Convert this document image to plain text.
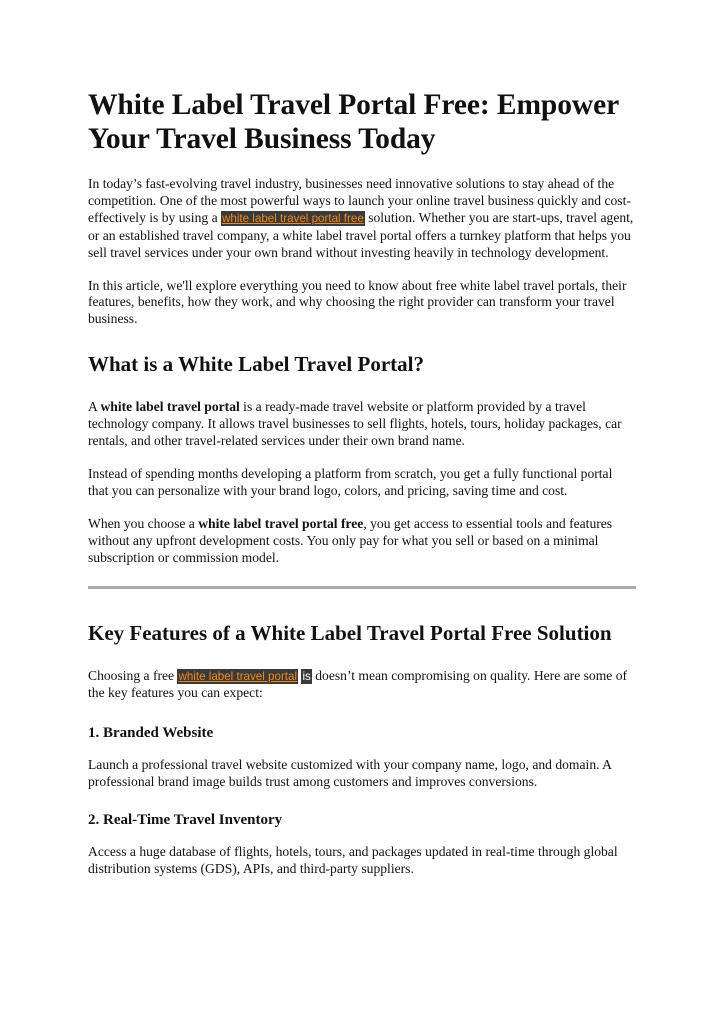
White Label Travel Portal Free: Empower Your Travel Business Today

In today’s fast-evolving travel industry, businesses need innovative solutions to stay ahead of the competition. One of the most powerful ways to launch your online travel business quickly and cost-effectively is by using a white label travel portal free solution. Whether you are start-ups, travel agent, or an established travel company, a white label travel portal offers a turnkey platform that helps you sell travel services under your own brand without investing heavily in technology development.

In this article, we'll explore everything you need to know about free white label travel portals, their features, benefits, how they work, and why choosing the right provider can transform your travel business.

What is a White Label Travel Portal?

A white label travel portal is a ready-made travel website or platform provided by a travel technology company. It allows travel businesses to sell flights, hotels, tours, holiday packages, car rentals, and other travel-related services under their own brand name.

Instead of spending months developing a platform from scratch, you get a fully functional portal that you can personalize with your brand logo, colors, and pricing, saving time and cost.

When you choose a white label travel portal free, you get access to essential tools and features without any upfront development costs. You only pay for what you sell or based on a minimal subscription or commission model.

Key Features of a White Label Travel Portal Free Solution

Choosing a free white label travel portal is doesn’t mean compromising on quality. Here are some of the key features you can expect:

1. Branded Website

Launch a professional travel website customized with your company name, logo, and domain. A professional brand image builds trust among customers and improves conversions.

2. Real-Time Travel Inventory

Access a huge database of flights, hotels, tours, and packages updated in real-time through global distribution systems (GDS), APIs, and third-party suppliers.
